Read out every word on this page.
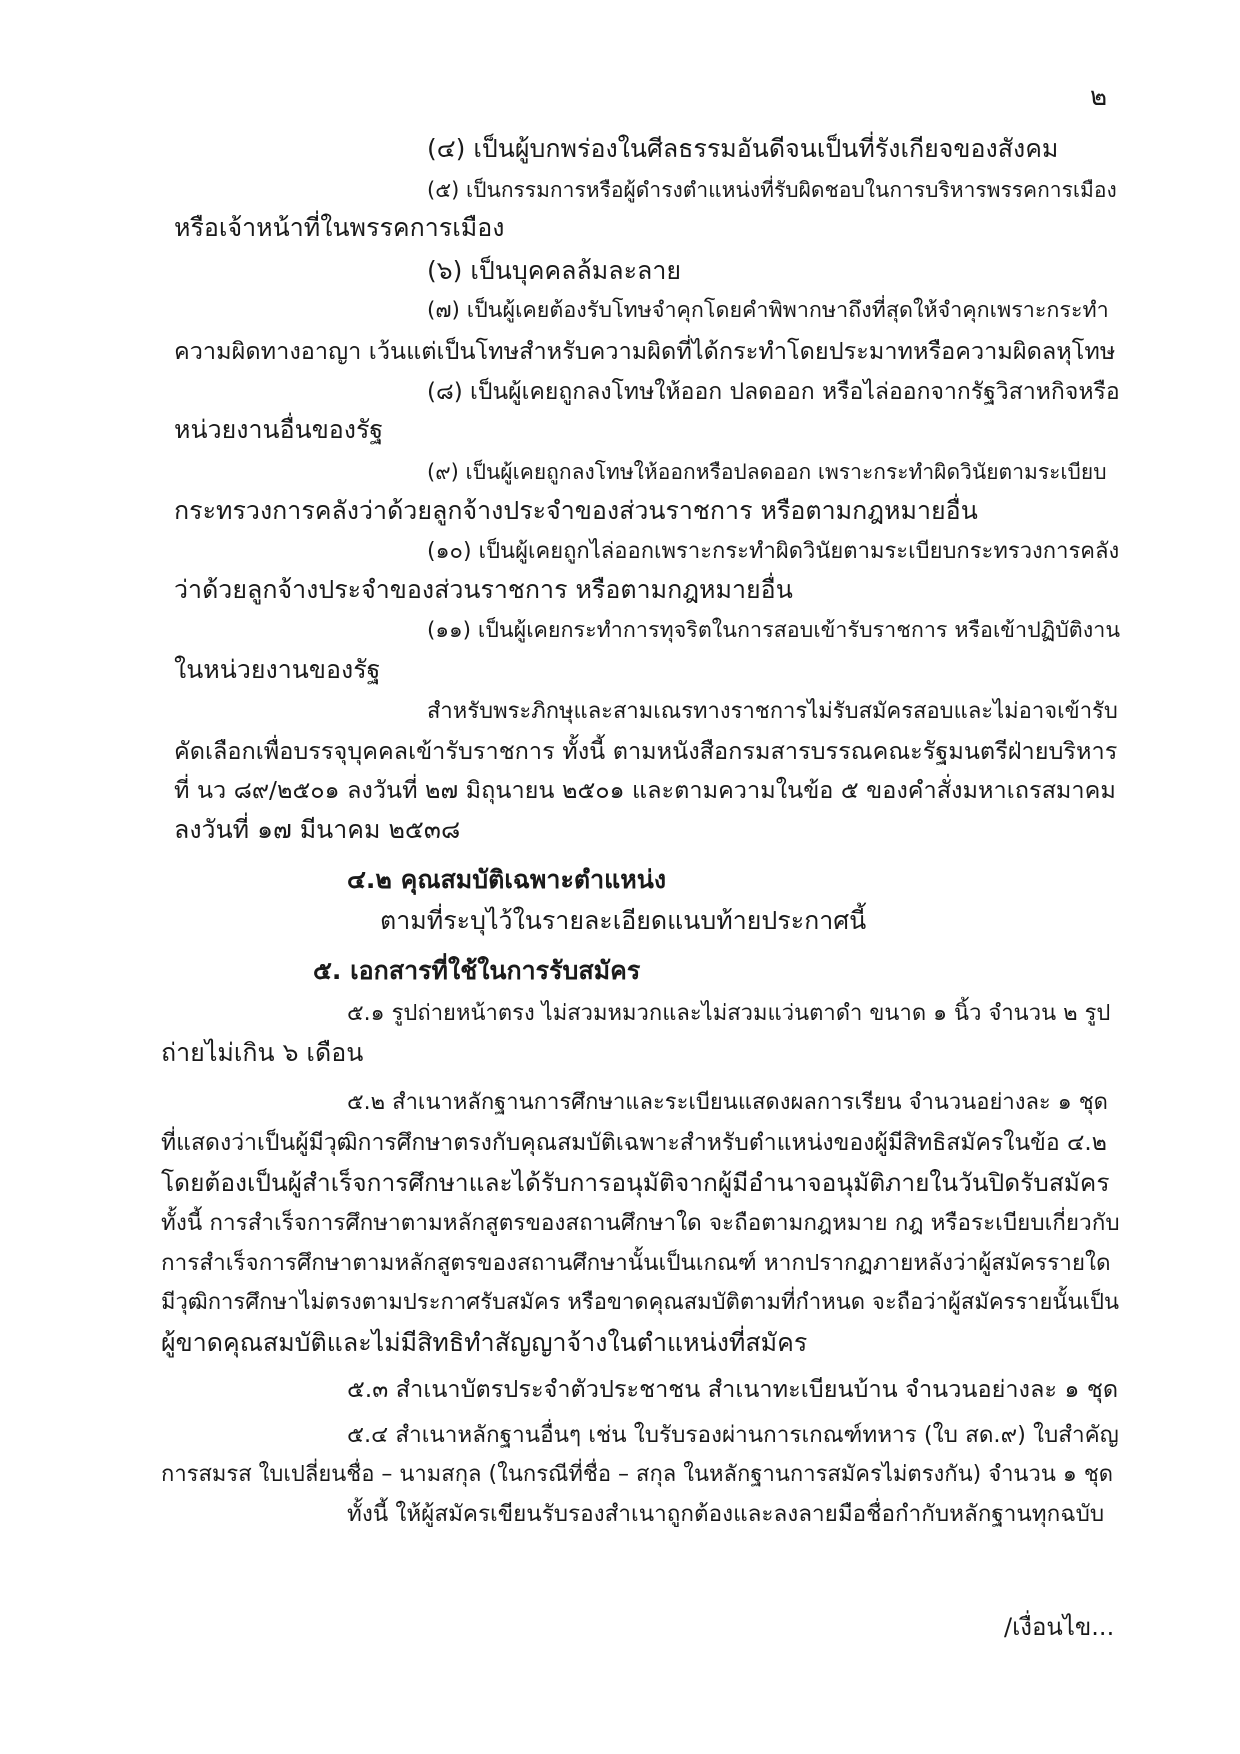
๒
(๔) เป็นผู้บกพร่องในศีลธรรมอันดีจนเป็นที่รังเกียจของสังคม
(๕) เป็นกรรมการหรือผู้ดำรงตำแหน่งที่รับผิดชอบในการบริหารพรรคการเมือง
หรือเจ้าหน้าที่ในพรรคการเมือง
(๖) เป็นบุคคลล้มละลาย
(๗) เป็นผู้เคยต้องรับโทษจำคุกโดยคำพิพากษาถึงที่สุดให้จำคุกเพราะกระทำ
ความผิดทางอาญา เว้นแต่เป็นโทษสำหรับความผิดที่ได้กระทำโดยประมาทหรือความผิดลหุโทษ
(๘) เป็นผู้เคยถูกลงโทษให้ออก ปลดออก หรือไล่ออกจากรัฐวิสาหกิจหรือ
หน่วยงานอื่นของรัฐ
(๙) เป็นผู้เคยถูกลงโทษให้ออกหรือปลดออก เพราะกระทำผิดวินัยตามระเบียบ
กระทรวงการคลังว่าด้วยลูกจ้างประจำของส่วนราชการ หรือตามกฎหมายอื่น
(๑๐) เป็นผู้เคยถูกไล่ออกเพราะกระทำผิดวินัยตามระเบียบกระทรวงการคลัง
ว่าด้วยลูกจ้างประจำของส่วนราชการ หรือตามกฎหมายอื่น
(๑๑) เป็นผู้เคยกระทำการทุจริตในการสอบเข้ารับราชการ หรือเข้าปฏิบัติงาน
ในหน่วยงานของรัฐ
สำหรับพระภิกษุและสามเณรทางราชการไม่รับสมัครสอบและไม่อาจเข้ารับ
คัดเลือกเพื่อบรรจุบุคคลเข้ารับราชการ ทั้งนี้ ตามหนังสือกรมสารบรรณคณะรัฐมนตรีฝ่ายบริหาร
ที่ นว ๘๙/๒๕๐๑ ลงวันที่ ๒๗ มิถุนายน ๒๕๐๑ และตามความในข้อ ๕ ของคำสั่งมหาเถรสมาคม
ลงวันที่ ๑๗ มีนาคม ๒๕๓๘
๔.๒ คุณสมบัติเฉพาะตำแหน่ง
ตามที่ระบุไว้ในรายละเอียดแนบท้ายประกาศนี้
๕. เอกสารที่ใช้ในการรับสมัคร
๕.๑ รูปถ่ายหน้าตรง ไม่สวมหมวกและไม่สวมแว่นตาดำ ขนาด ๑ นิ้ว จำนวน ๒ รูป
ถ่ายไม่เกิน ๖ เดือน
๕.๒ สำเนาหลักฐานการศึกษาและระเบียนแสดงผลการเรียน จำนวนอย่างละ ๑ ชุด
ที่แสดงว่าเป็นผู้มีวุฒิการศึกษาตรงกับคุณสมบัติเฉพาะสำหรับตำแหน่งของผู้มีสิทธิสมัครในข้อ ๔.๒
โดยต้องเป็นผู้สำเร็จการศึกษาและได้รับการอนุมัติจากผู้มีอำนาจอนุมัติภายในวันปิดรับสมัคร
ทั้งนี้ การสำเร็จการศึกษาตามหลักสูตรของสถานศึกษาใด จะถือตามกฎหมาย กฎ หรือระเบียบเกี่ยวกับ
การสำเร็จการศึกษาตามหลักสูตรของสถานศึกษานั้นเป็นเกณฑ์ หากปรากฏภายหลังว่าผู้สมัครรายใด
มีวุฒิการศึกษาไม่ตรงตามประกาศรับสมัคร หรือขาดคุณสมบัติตามที่กำหนด จะถือว่าผู้สมัครรายนั้นเป็น
ผู้ขาดคุณสมบัติและไม่มีสิทธิทำสัญญาจ้างในตำแหน่งที่สมัคร
๕.๓ สำเนาบัตรประจำตัวประชาชน สำเนาทะเบียนบ้าน จำนวนอย่างละ ๑ ชุด
๕.๔ สำเนาหลักฐานอื่นๆ เช่น ใบรับรองผ่านการเกณฑ์ทหาร (ใบ สด.๙) ใบสำคัญ
การสมรส ใบเปลี่ยนชื่อ – นามสกุล (ในกรณีที่ชื่อ – สกุล ในหลักฐานการสมัครไม่ตรงกัน) จำนวน ๑ ชุด
ทั้งนี้ ให้ผู้สมัครเขียนรับรองสำเนาถูกต้องและลงลายมือชื่อกำกับหลักฐานทุกฉบับ
/เงื่อนไข...
